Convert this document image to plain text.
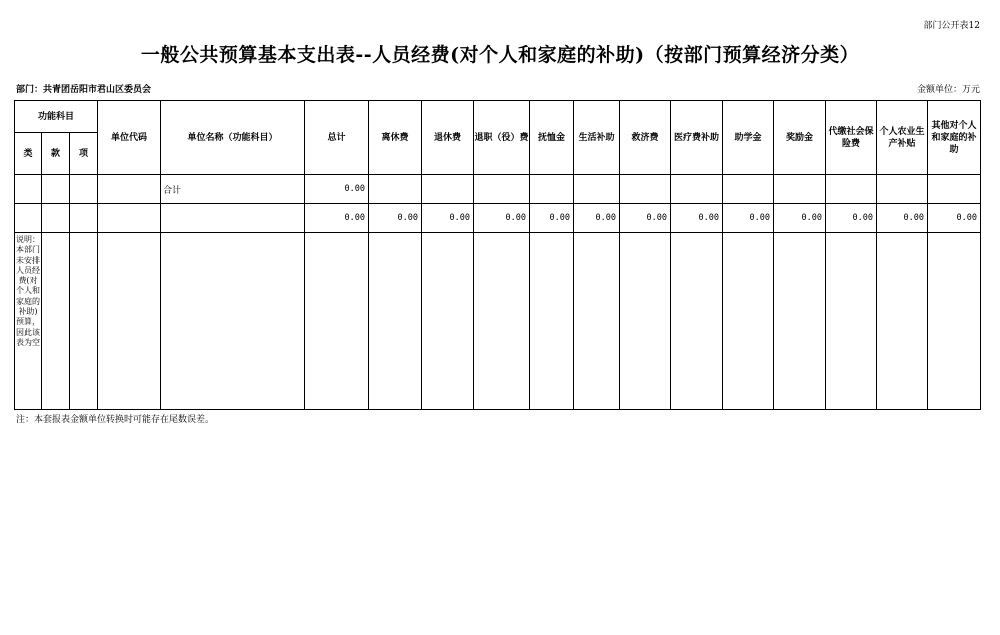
部门公开表12
一般公共预算基本支出表--人员经费(对个人和家庭的补助)（按部门预算经济分类）
部门：共青团岳阳市君山区委员会	金额单位：万元
功能科目			单位代码	单位名称（功能科目）	总计	离休费	退休费	退职（役）费	抚恤金	生活补助	救济费	医疗费补助	助学金	奖励金	代缴社会保险费	个人农业生产补贴	其他对个人和家庭的补助
类	款	项															
				合计	0.00												
					0.00	0.00	0.00	0.00	0.00	0.00	0.00	0.00	0.00	0.00	0.00	0.00	0.00

说明：本部门未安排人员经费(对个人和家庭的补助)预算，因此该表为空																	

注：本套报表金额单位转换时可能存在尾数误差。
